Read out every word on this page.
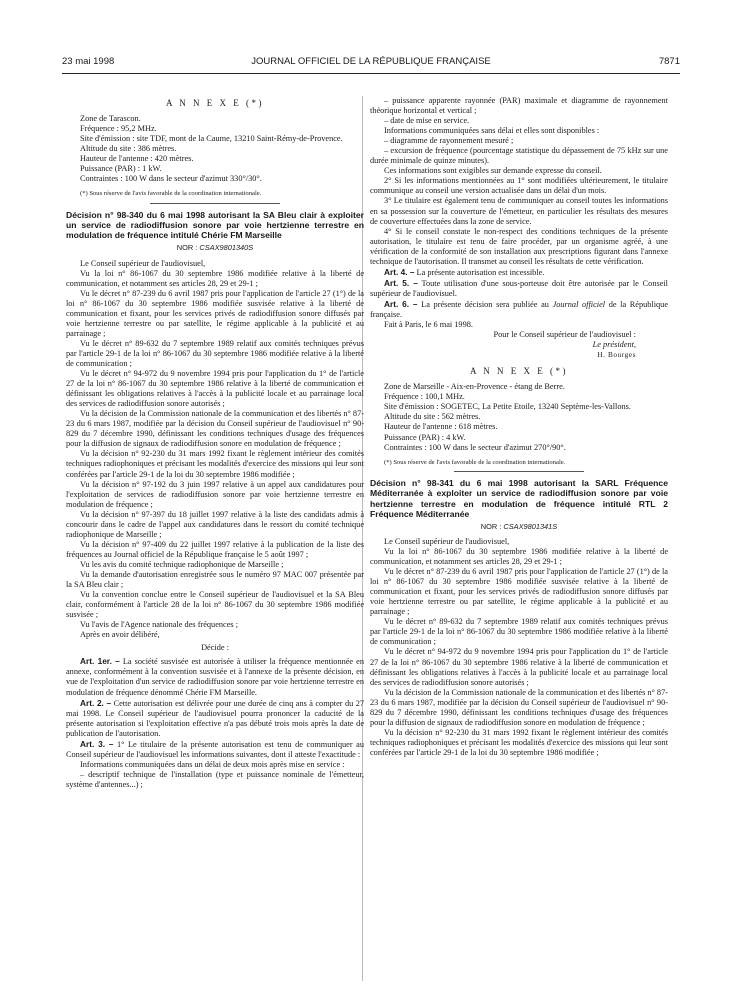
23 mai 1998	JOURNAL OFFICIEL DE LA RÉPUBLIQUE FRANÇAISE	7871

A N N E X E (*)

Zone de Tarascon.

Fréquence : 95,2 MHz.

Site d'émission : site TDF, mont de la Caume, 13210 Saint-Rémy-de-Provence.

Altitude du site : 386 mètres.

Hauteur de l'antenne : 420 mètres.

Puissance (PAR) : 1 kW.

Contraintes : 100 W dans le secteur d'azimut 330°/30°.

(*) Sous réserve de l'avis favorable de la coordination internationale.

Décision n° 98-340 du 6 mai 1998 autorisant la SA Bleu clair à exploiter un service de radiodiffusion sonore par voie hertzienne terrestre en modulation de fréquence intitulé Chérie FM Marseille

NOR : CSAX9801340S

Le Conseil supérieur de l'audiovisuel,

Vu la loi n° 86-1067 du 30 septembre 1986 modifiée relative à la liberté de communication, et notamment ses articles 28, 29 et 29-1 ;

Vu le décret n° 87-239 du 6 avril 1987 pris pour l'application de l'article 27 (1°) de la loi n° 86-1067 du 30 septembre 1986 modifiée susvisée relative à la liberté de communication et fixant, pour les services privés de radiodiffusion sonore diffusés par voie hertzienne terrestre ou par satellite, le régime applicable à la publicité et au parrainage ;

Vu le décret n° 89-632 du 7 septembre 1989 relatif aux comités techniques prévus par l'article 29-1 de la loi n° 86-1067 du 30 septembre 1986 modifiée relative à la liberté de communication ;

Vu le décret n° 94-972 du 9 novembre 1994 pris pour l'application du 1° de l'article 27 de la loi n° 86-1067 du 30 septembre 1986 relative à la liberté de communication et définissant les obligations relatives à l'accès à la publicité locale et au parrainage local des services de radiodiffusion sonore autorisés ;

Vu la décision de la Commission nationale de la communication et des libertés n° 87-23 du 6 mars 1987, modifiée par la décision du Conseil supérieur de l'audiovisuel n° 90-829 du 7 décembre 1990, définissant les conditions techniques d'usage des fréquences pour la diffusion de signaux de radiodiffusion sonore en modulation de fréquence ;

Vu la décision n° 92-230 du 31 mars 1992 fixant le règlement intérieur des comités techniques radiophoniques et précisant les modalités d'exercice des missions qui leur sont conférées par l'article 29-1 de la loi du 30 septembre 1986 modifiée ;

Vu la décision n° 97-192 du 3 juin 1997 relative à un appel aux candidatures pour l'exploitation de services de radiodiffusion sonore par voie hertzienne terrestre en modulation de fréquence ;

Vu la décision n° 97-397 du 18 juillet 1997 relative à la liste des candidats admis à concourir dans le cadre de l'appel aux candidatures dans le ressort du comité technique radiophonique de Marseille ;

Vu la décision n° 97-409 du 22 juillet 1997 relative à la publication de la liste des fréquences au Journal officiel de la République française le 5 août 1997 ;

Vu les avis du comité technique radiophonique de Marseille ;

Vu la demande d'autorisation enregistrée sous le numéro 97 MAC 007 présentée par la SA Bleu clair ;

Vu la convention conclue entre le Conseil supérieur de l'audiovisuel et la SA Bleu clair, conformément à l'article 28 de la loi n° 86-1067 du 30 septembre 1986 modifiée susvisée ;

Vu l'avis de l'Agence nationale des fréquences ;

Après en avoir délibéré,

Décide :

Art. 1er. – La société susvisée est autorisée à utiliser la fréquence mentionnée en annexe, conformément à la convention susvisée et à l'annexe de la présente décision, en vue de l'exploitation d'un service de radiodiffusion sonore par voie hertzienne terrestre en modulation de fréquence dénommé Chérie FM Marseille.

Art. 2. – Cette autorisation est délivrée pour une durée de cinq ans à compter du 27 mai 1998. Le Conseil supérieur de l'audiovisuel pourra prononcer la caducité de la présente autorisation si l'exploitation effective n'a pas débuté trois mois après la date de publication de l'autorisation.

Art. 3. – 1° Le titulaire de la présente autorisation est tenu de communiquer au Conseil supérieur de l'audiovisuel les informations suivantes, dont il atteste l'exactitude :

Informations communiquées dans un délai de deux mois après mise en service :

– descriptif technique de l'installation (type et puissance nominale de l'émetteur, système d'antennes...) ;

– puissance apparente rayonnée (PAR) maximale et diagramme de rayonnement théorique horizontal et vertical ;

– date de mise en service.

Informations communiquées sans délai et elles sont disponibles :

– diagramme de rayonnement mesuré ;

– excursion de fréquence (pourcentage statistique du dépassement de 75 kHz sur une durée minimale de quinze minutes).

Ces informations sont exigibles sur demande expresse du conseil.

2° Si les informations mentionnées au 1° sont modifiées ultérieurement, le titulaire communique au conseil une version actualisée dans un délai d'un mois.

3° Le titulaire est également tenu de communiquer au conseil toutes les informations en sa possession sur la couverture de l'émetteur, en particulier les résultats des mesures de couverture effectuées dans la zone de service.

4° Si le conseil constate le non-respect des conditions techniques de la présente autorisation, le titulaire est tenu de faire procéder, par un organisme agréé, à une vérification de la conformité de son installation aux prescriptions figurant dans l'annexe technique de l'autorisation. Il transmet au conseil les résultats de cette vérification.

Art. 4. – La présente autorisation est incessible.

Art. 5. – Toute utilisation d'une sous-porteuse doit être autorisée par le Conseil supérieur de l'audiovisuel.

Art. 6. – La présente décision sera publiée au Journal officiel de la République française.

Fait à Paris, le 6 mai 1998.

Pour le Conseil supérieur de l'audiovisuel :

Le président,

H. Bourges

A N N E X E (*)

Zone de Marseille - Aix-en-Provence - étang de Berre.

Fréquence : 100,1 MHz.

Site d'émission : SOGETEC, La Petite Etoile, 13240 Septème-les-Vallons.

Altitude du site : 562 mètres.

Hauteur de l'antenne : 618 mètres.

Puissance (PAR) : 4 kW.

Contraintes : 100 W dans le secteur d'azimut 270°/90°.

(*) Sous réserve de l'avis favorable de la coordination internationale.

Décision n° 98-341 du 6 mai 1998 autorisant la SARL Fréquence Méditerranée à exploiter un service de radiodiffusion sonore par voie hertzienne terrestre en modulation de fréquence intitulé RTL 2 Fréquence Méditerranée

NOR : CSAX9801341S

Le Conseil supérieur de l'audiovisuel,

Vu la loi n° 86-1067 du 30 septembre 1986 modifiée relative à la liberté de communication, et notamment ses articles 28, 29 et 29-1 ;

Vu le décret n° 87-239 du 6 avril 1987 pris pour l'application de l'article 27 (1°) de la loi n° 86-1067 du 30 septembre 1986 modifiée susvisée relative à la liberté de communication et fixant, pour les services privés de radiodiffusion sonore diffusés par voie hertzienne terrestre ou par satellite, le régime applicable à la publicité et au parrainage ;

Vu le décret n° 89-632 du 7 septembre 1989 relatif aux comités techniques prévus par l'article 29-1 de la loi n° 86-1067 du 30 septembre 1986 modifiée relative à la liberté de communication ;

Vu le décret n° 94-972 du 9 novembre 1994 pris pour l'application du 1° de l'article 27 de la loi n° 86-1067 du 30 septembre 1986 relative à la liberté de communication et définissant les obligations relatives à l'accès à la publicité locale et au parrainage local des services de radiodiffusion sonore autorisés ;

Vu la décision de la Commission nationale de la communication et des libertés n° 87-23 du 6 mars 1987, modifiée par la décision du Conseil supérieur de l'audiovisuel n° 90-829 du 7 décembre 1990, définissant les conditions techniques d'usage des fréquences pour la diffusion de signaux de radiodiffusion sonore en modulation de fréquence ;

Vu la décision n° 92-230 du 31 mars 1992 fixant le règlement intérieur des comités techniques radiophoniques et précisant les modalités d'exercice des missions qui leur sont conférées par l'article 29-1 de la loi du 30 septembre 1986 modifiée ;
